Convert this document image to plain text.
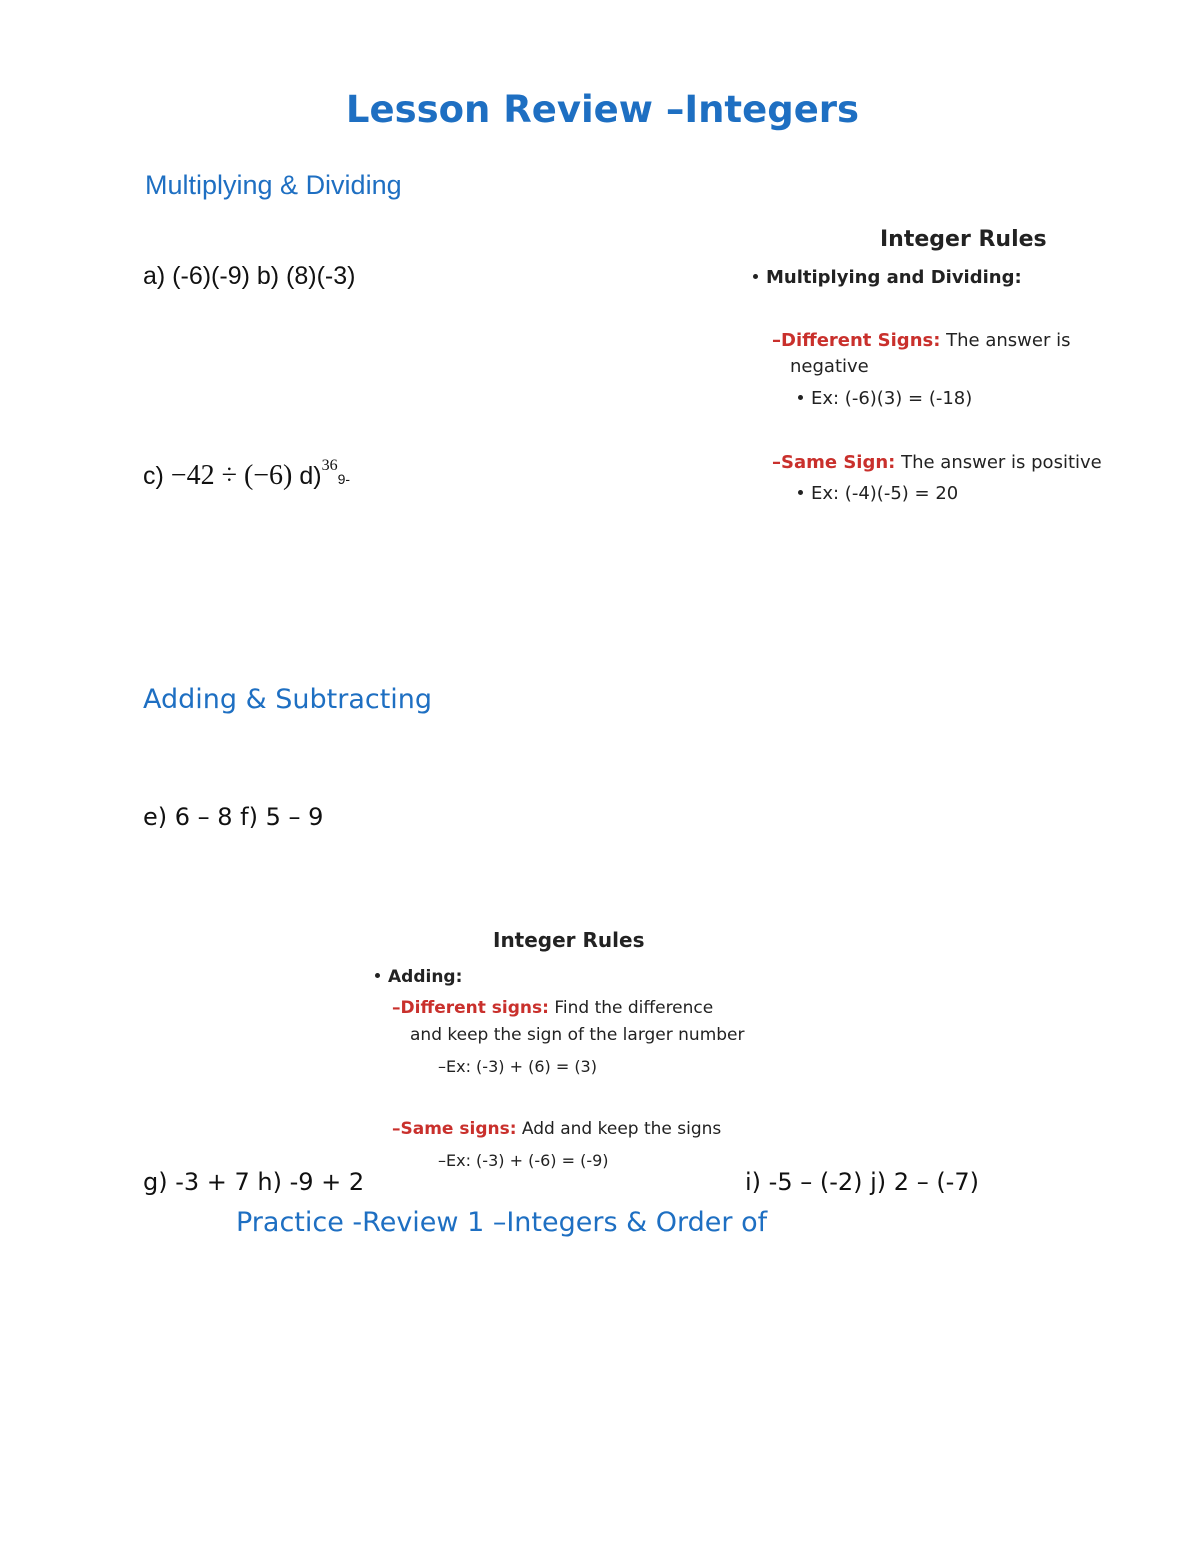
Lesson Review –Integers
Multiplying & Dividing
a) (-6)(-9) b) (8)(-3)
c) −42 ÷ (−6) d)$^{36}$9-
Integer Rules
Multiplying and Dividing:
–Different Signs: The answer is
negative
Ex: (-6)(3) = (-18)
–Same Sign: The answer is positive
Ex: (-4)(-5) = 20
Adding & Subtracting
e) 6 – 8 f) 5 – 9
Integer Rules
Adding:
–Different signs: Find the difference
and keep the sign of the larger number
–Ex: (-3) + (6) = (3)
–Same signs: Add and keep the signs
–Ex: (-3) + (-6) = (-9)
g) -3 + 7 h) -9 + 2	i) -5 – (-2) j) 2 – (-7)
Practice -Review 1 –Integers & Order of
